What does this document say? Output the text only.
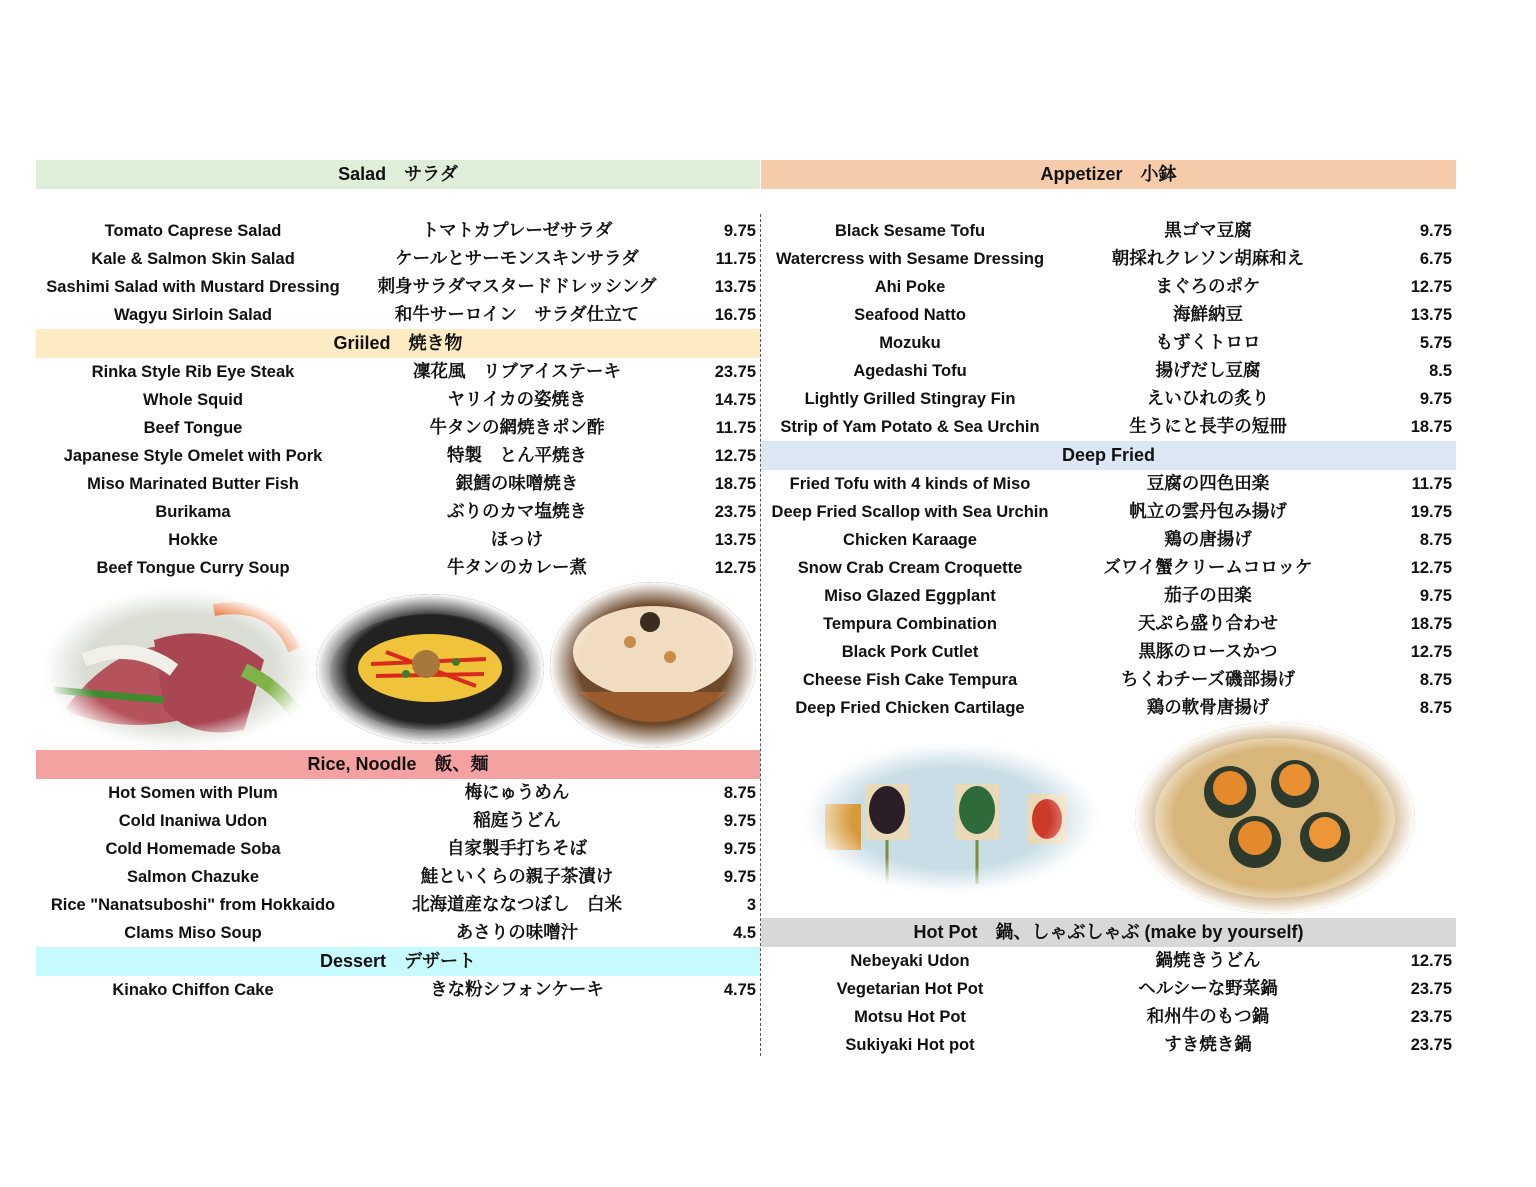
Salad　サラダ
Tomato Caprese Salad	トマトカプレーゼサラダ	9.75
Kale & Salmon Skin Salad	ケールとサーモンスキンサラダ	11.75
Sashimi Salad with Mustard Dressing	刺身サラダマスタードドレッシング	13.75
Wagyu Sirloin Salad	和牛サーロイン　サラダ仕立て	16.75
Griiled　焼き物
Rinka Style Rib Eye Steak	凜花風　リブアイステーキ	23.75
Whole Squid	ヤリイカの姿焼き	14.75
Beef Tongue	牛タンの網焼きポン酢	11.75
Japanese Style Omelet with Pork	特製　とん平焼き	12.75
Miso Marinated Butter Fish	銀鱈の味噌焼き	18.75
Burikama	ぶりのカマ塩焼き	23.75
Hokke	ほっけ	13.75
Beef Tongue Curry Soup	牛タンのカレー煮	12.75
Rice, Noodle　飯、麺
Hot Somen with Plum	梅にゅうめん	8.75
Cold Inaniwa Udon	稲庭うどん	9.75
Cold Homemade Soba	自家製手打ちそば	9.75
Salmon Chazuke	鮭といくらの親子茶漬け	9.75
Rice "Nanatsuboshi" from Hokkaido	北海道産ななつぼし　白米	3
Clams Miso Soup	あさりの味噌汁	4.5
Dessert　デザート
Kinako Chiffon Cake	きな粉シフォンケーキ	4.75
Appetizer　小鉢
Black Sesame Tofu	黒ゴマ豆腐	9.75
Watercress with Sesame Dressing	朝採れクレソン胡麻和え	6.75
Ahi Poke	まぐろのポケ	12.75
Seafood Natto	海鮮納豆	13.75
Mozuku	もずくトロロ	5.75
Agedashi Tofu	揚げだし豆腐	8.5
Lightly Grilled Stingray Fin	えいひれの炙り	9.75
Strip of Yam Potato & Sea Urchin	生うにと長芋の短冊	18.75
Deep Fried
Fried Tofu with 4 kinds of Miso	豆腐の四色田楽	11.75
Deep Fried Scallop with Sea Urchin	帆立の雲丹包み揚げ	19.75
Chicken Karaage	鶏の唐揚げ	8.75
Snow Crab Cream Croquette	ズワイ蟹クリームコロッケ	12.75
Miso Glazed Eggplant	茄子の田楽	9.75
Tempura Combination	天ぷら盛り合わせ	18.75
Black Pork Cutlet	黒豚のロースかつ	12.75
Cheese Fish Cake Tempura	ちくわチーズ磯部揚げ	8.75
Deep Fried Chicken Cartilage	鶏の軟骨唐揚げ	8.75
Hot Pot　鍋、しゃぶしゃぶ (make by yourself)
Nebeyaki Udon	鍋焼きうどん	12.75
Vegetarian Hot Pot	ヘルシーな野菜鍋	23.75
Motsu Hot Pot	和州牛のもつ鍋	23.75
Sukiyaki Hot pot	すき焼き鍋	23.75
